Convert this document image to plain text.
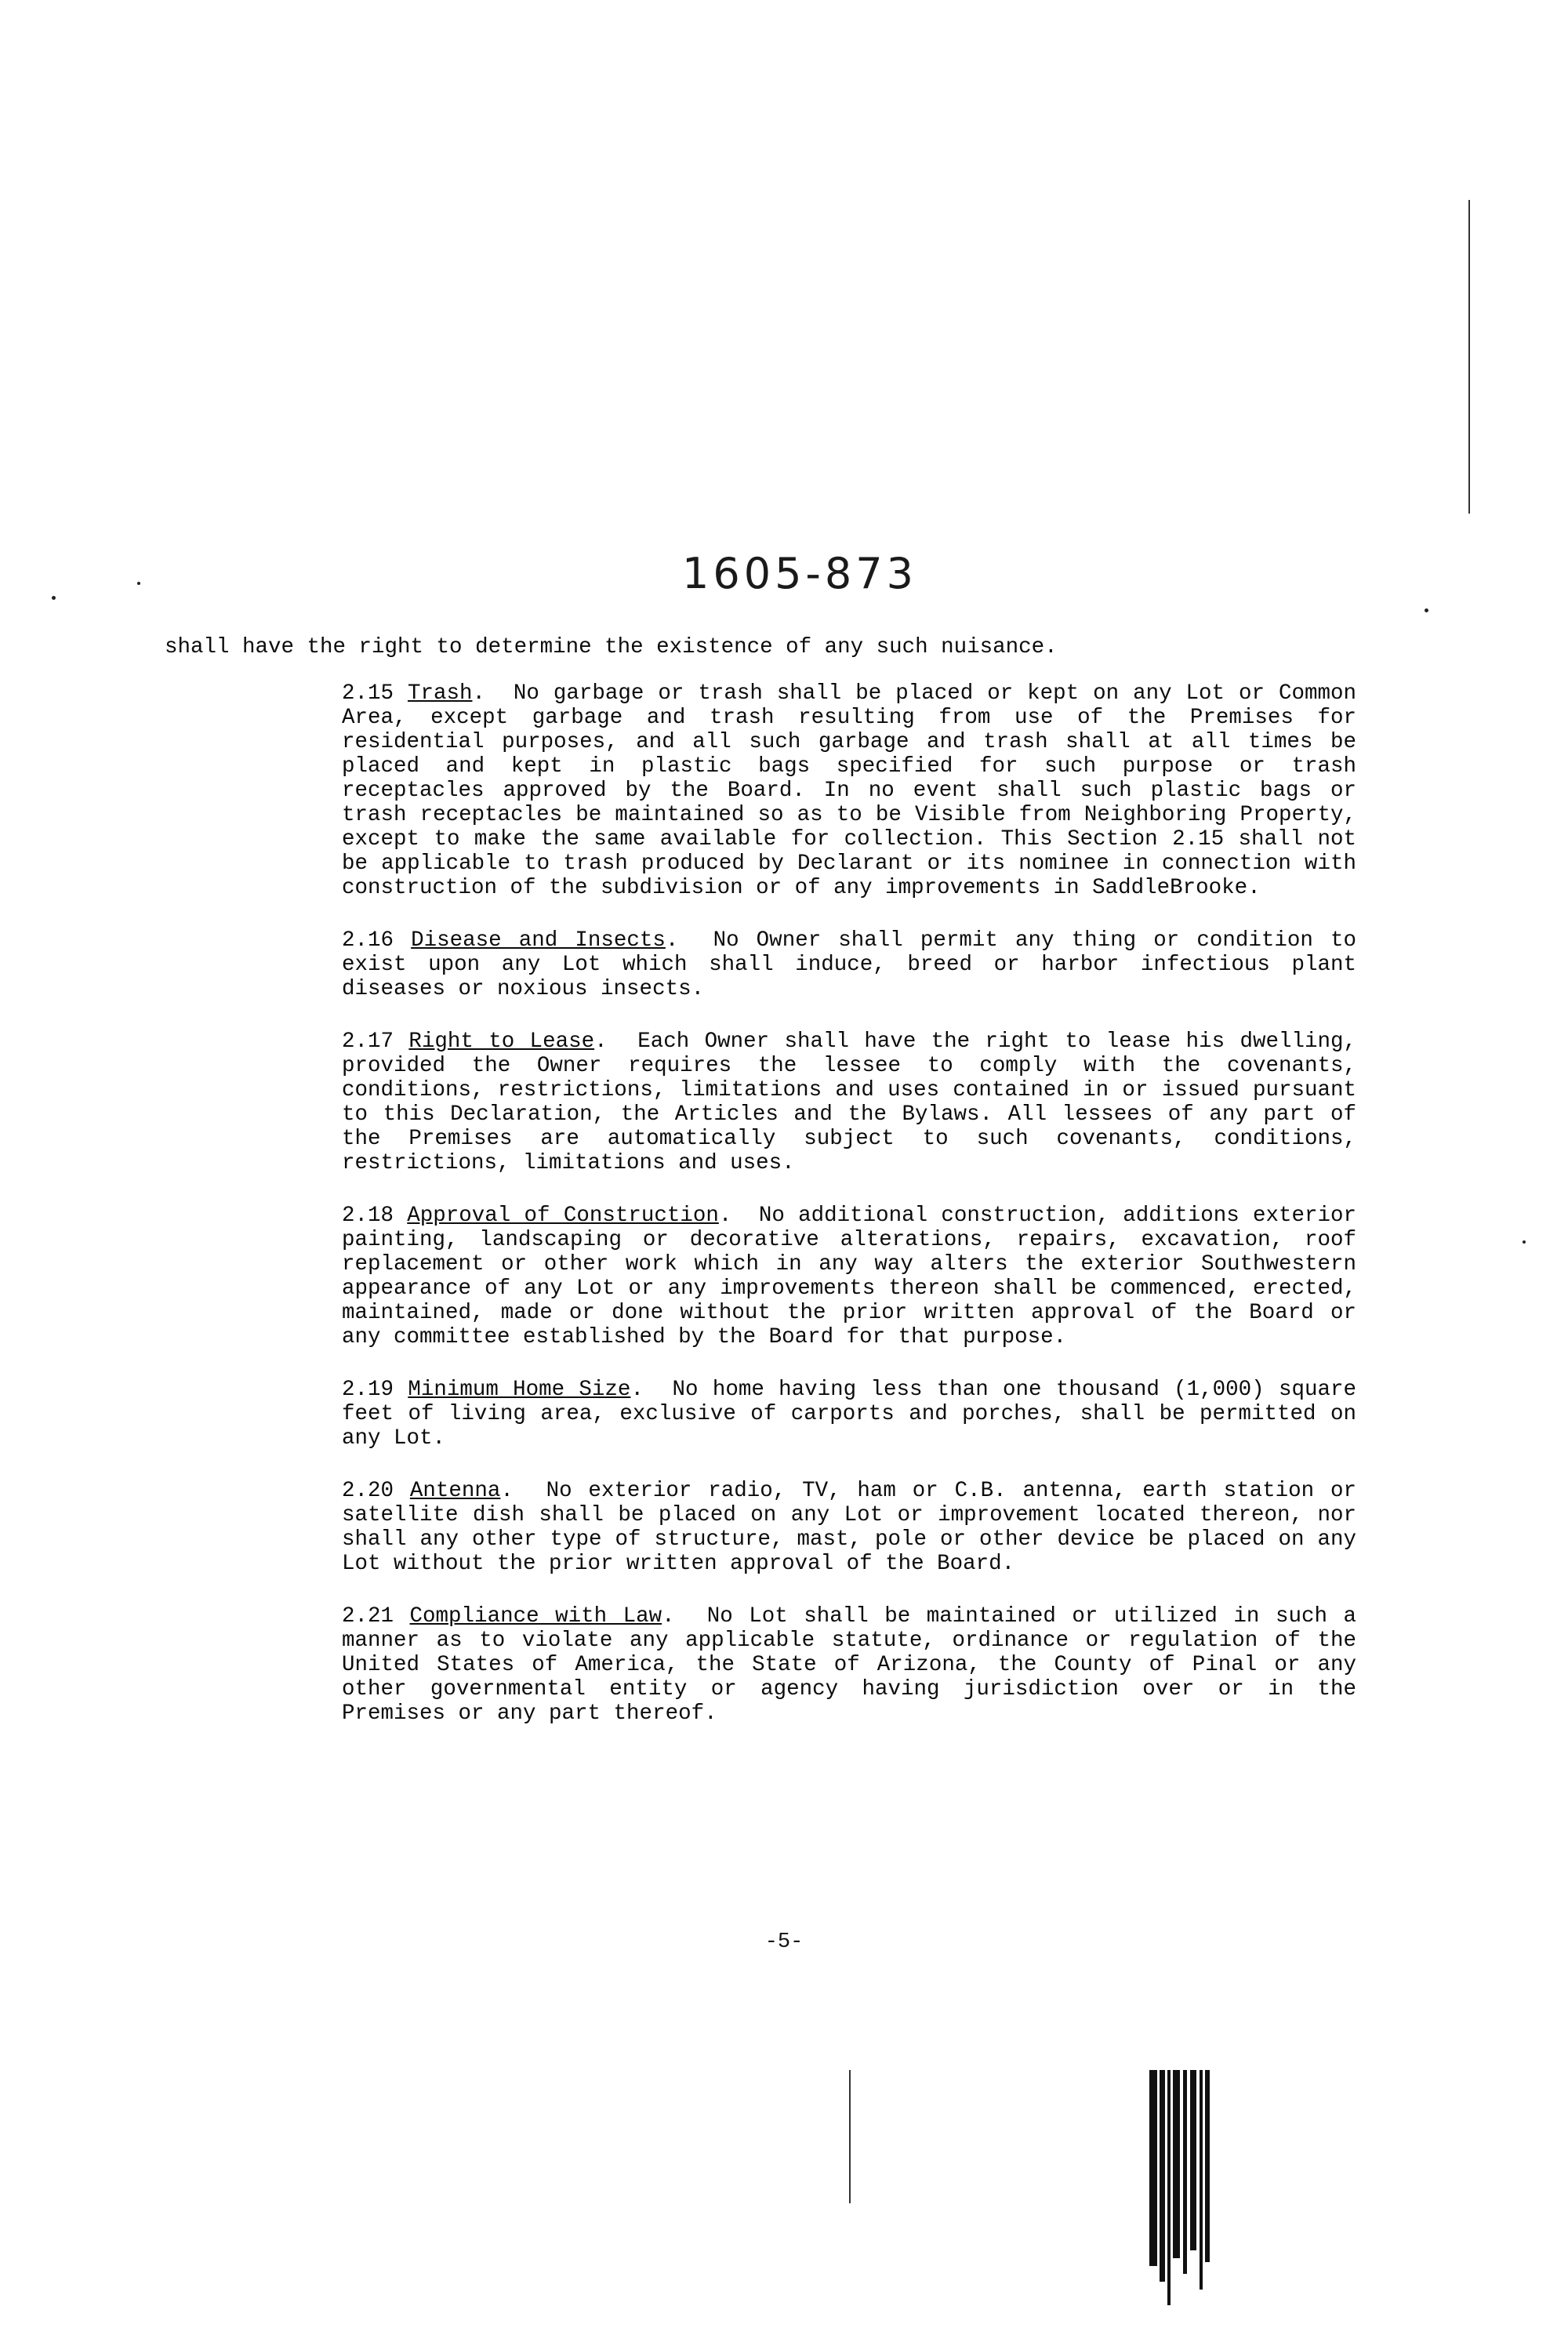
1605-873

shall have the right to determine the existence of any such nuisance.

2.15 Trash.  No garbage or trash shall be placed or kept on any Lot or Common Area, except garbage and trash resulting from use of the Premises for residential purposes, and all such garbage and trash shall at all times be placed and kept in plastic bags specified for such purpose or trash receptacles approved by the Board. In no event shall such plastic bags or trash receptacles be maintained so as to be Visible from Neighboring Property, except to make the same available for collection. This Section 2.15 shall not be applicable to trash produced by Declarant or its nominee in connection with construction of the subdivision or of any improvements in SaddleBrooke.

2.16 Disease and Insects.  No Owner shall permit any thing or condition to exist upon any Lot which shall induce, breed or harbor infectious plant diseases or noxious insects.

2.17 Right to Lease.  Each Owner shall have the right to lease his dwelling, provided the Owner requires the lessee to comply with the covenants, conditions, restrictions, limitations and uses contained in or issued pursuant to this Declaration, the Articles and the Bylaws. All lessees of any part of the Premises are automatically subject to such covenants, conditions, restrictions, limitations and uses.

2.18 Approval of Construction.  No additional construction, additions exterior painting, landscaping or decorative alterations, repairs, excavation, roof replacement or other work which in any way alters the exterior Southwestern appearance of any Lot or any improvements thereon shall be commenced, erected, maintained, made or done without the prior written approval of the Board or any committee established by the Board for that purpose.

2.19 Minimum Home Size.  No home having less than one thousand (1,000) square feet of living area, exclusive of carports and porches, shall be permitted on any Lot.

2.20 Antenna.  No exterior radio, TV, ham or C.B. antenna, earth station or satellite dish shall be placed on any Lot or improvement located thereon, nor shall any other type of structure, mast, pole or other device be placed on any Lot without the prior written approval of the Board.

2.21 Compliance with Law.  No Lot shall be maintained or utilized in such a manner as to violate any applicable statute, ordinance or regulation of the United States of America, the State of Arizona, the County of Pinal or any other governmental entity or agency having jurisdiction over or in the Premises or any part thereof.

-5-
